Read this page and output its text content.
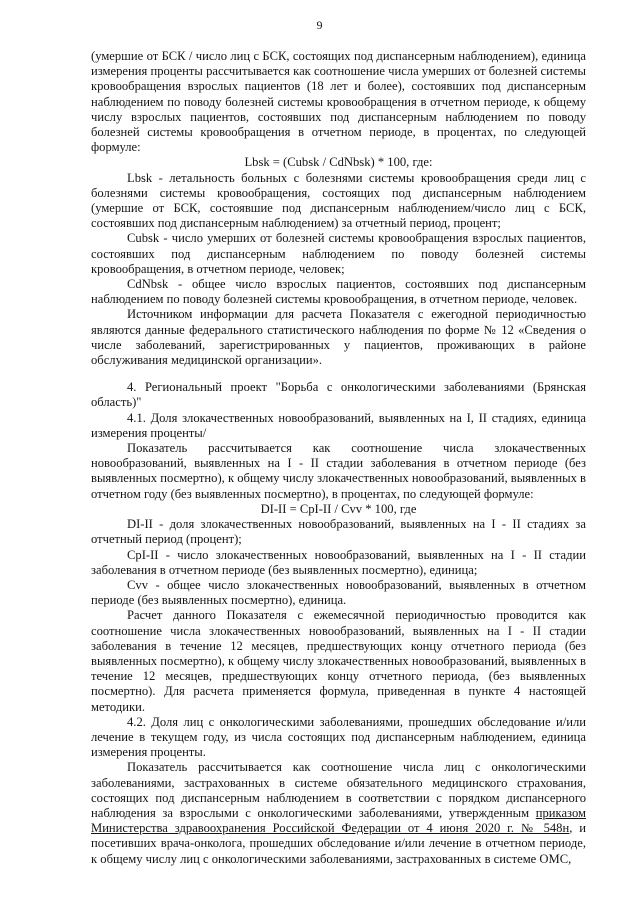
9

(умершие от БСК / число лиц с БСК, состоящих под диспансерным наблюдением), единица измерения проценты рассчитывается как соотношение числа умерших от болезней системы кровообращения взрослых пациентов (18 лет и более), состоявших под диспансерным наблюдением по поводу болезней системы кровообращения в отчетном периоде, к общему числу взрослых пациентов, состоявших под диспансерным наблюдением по поводу болезней системы кровообращения в отчетном периоде, в процентах, по следующей формуле:

Lbsk = (Cubsk / CdNbsk) * 100, где:

Lbsk - летальность больных с болезнями системы кровообращения среди лиц с болезнями системы кровообращения, состоящих под диспансерным наблюдением (умершие от БСК, состоявшие под диспансерным наблюдением/число лиц с БСК, состоявших под диспансерным наблюдением) за отчетный период, процент;

Cubsk - число умерших от болезней системы кровообращения взрослых пациентов, состоявших под диспансерным наблюдением по поводу болезней системы кровообращения, в отчетном периоде, человек;

CdNbsk - общее число взрослых пациентов, состоявших под диспансерным наблюдением по поводу болезней системы кровообращения, в отчетном периоде, человек.

Источником информации для расчета Показателя с ежегодной периодичностью являются данные федерального статистического наблюдения по форме № 12 «Сведения о числе заболеваний, зарегистрированных у пациентов, проживающих в районе обслуживания медицинской организации».

4. Региональный проект "Борьба с онкологическими заболеваниями (Брянская область)"

4.1. Доля злокачественных новообразований, выявленных на I, II стадиях, единица измерения проценты/

Показатель рассчитывается как соотношение числа злокачественных новообразований, выявленных на I - II стадии заболевания в отчетном периоде (без выявленных посмертно), к общему числу злокачественных новообразований, выявленных в отчетном году (без выявленных посмертно), в процентах, по следующей формуле:

DI-II = CpI-II / Cvv * 100, где

DI-II - доля злокачественных новообразований, выявленных на I - II стадиях за отчетный период (процент);

CpI-II - число злокачественных новообразований, выявленных на I - II стадии заболевания в отчетном периоде (без выявленных посмертно), единица;

Cvv - общее число злокачественных новообразований, выявленных в отчетном периоде (без выявленных посмертно), единица.

Расчет данного Показателя с ежемесячной периодичностью проводится как соотношение числа злокачественных новообразований, выявленных на I - II стадии заболевания в течение 12 месяцев, предшествующих концу отчетного периода (без выявленных посмертно), к общему числу злокачественных новообразований, выявленных в течение 12 месяцев, предшествующих концу отчетного периода, (без выявленных посмертно). Для расчета применяется формула, приведенная в пункте 4 настоящей методики.

4.2. Доля лиц с онкологическими заболеваниями, прошедших обследование и/или лечение в текущем году, из числа состоящих под диспансерным наблюдением, единица измерения проценты.

Показатель рассчитывается как соотношение числа лиц с онкологическими заболеваниями, застрахованных в системе обязательного медицинского страхования, состоящих под диспансерным наблюдением в соответствии с порядком диспансерного наблюдения за взрослыми с онкологическими заболеваниями, утвержденным приказом Министерства здравоохранения Российской Федерации от 4 июня 2020 г. № 548н, и посетивших врача-онколога, прошедших обследование и/или лечение в отчетном периоде, к общему числу лиц с онкологическими заболеваниями, застрахованных в системе ОМС,
